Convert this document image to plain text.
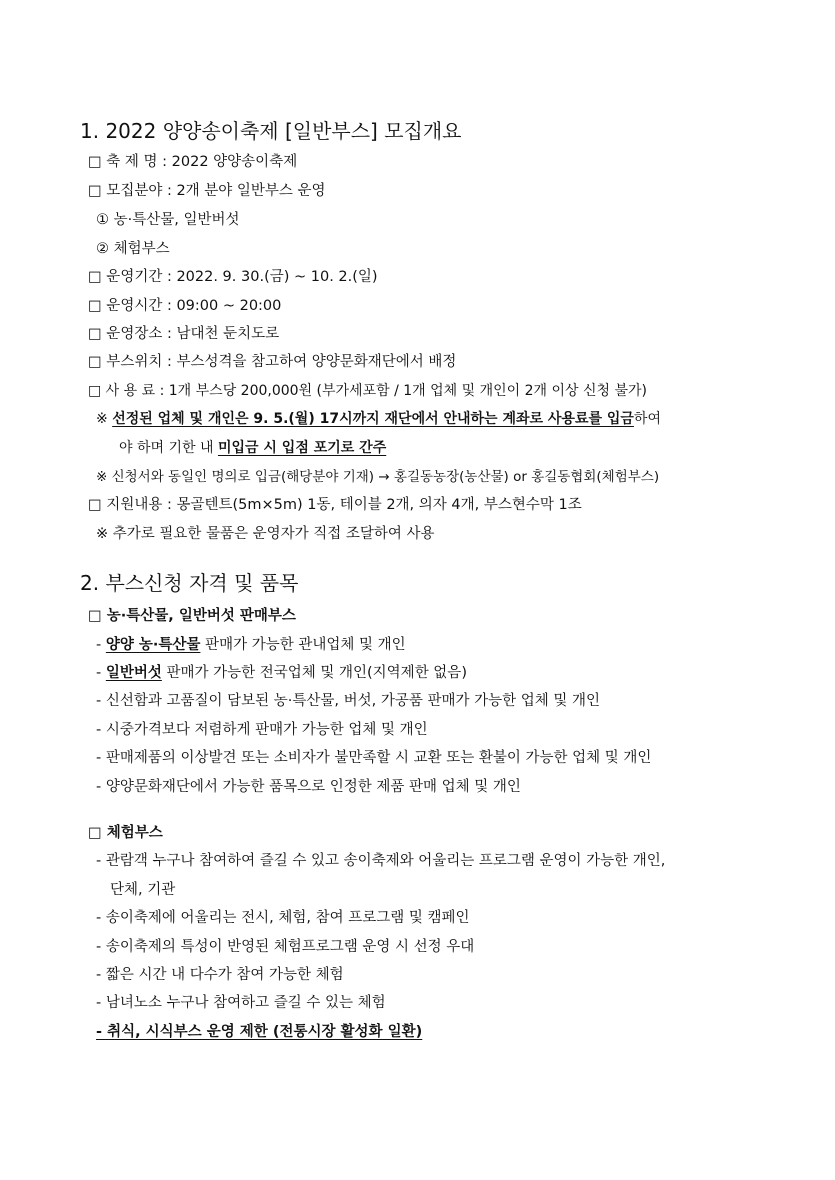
1. 2022 양양송이축제 [일반부스] 모집개요
□ 축 제 명 : 2022 양양송이축제
□ 모집분야 : 2개 분야 일반부스 운영
① 농·특산물, 일반버섯
② 체험부스
□ 운영기간 : 2022. 9. 30.(금) ~ 10. 2.(일)
□ 운영시간 : 09:00 ~ 20:00
□ 운영장소 : 남대천 둔치도로
□ 부스위치 : 부스성격을 참고하여 양양문화재단에서 배정
□ 사 용 료 : 1개 부스당 200,000원 (부가세포함 / 1개 업체 및 개인이 2개 이상 신청 불가)
※ 선정된 업체 및 개인은 9. 5.(월) 17시까지 재단에서 안내하는 계좌로 사용료를 입금하여
야 하며 기한 내 미입금 시 입점 포기로 간주
※ 신청서와 동일인 명의로 입금(해당분야 기재) → 홍길동농장(농산물) or 홍길동협회(체험부스)
□ 지원내용 : 몽골텐트(5m×5m) 1동, 테이블 2개, 의자 4개, 부스현수막 1조
※ 추가로 필요한 물품은 운영자가 직접 조달하여 사용
2. 부스신청 자격 및 품목
□ 농·특산물, 일반버섯 판매부스
- 양양 농·특산물 판매가 가능한 관내업체 및 개인
- 일반버섯 판매가 가능한 전국업체 및 개인(지역제한 없음)
- 신선함과 고품질이 담보된 농·특산물, 버섯, 가공품 판매가 가능한 업체 및 개인
- 시중가격보다 저렴하게 판매가 가능한 업체 및 개인
- 판매제품의 이상발견 또는 소비자가 불만족할 시 교환 또는 환불이 가능한 업체 및 개인
- 양양문화재단에서 가능한 품목으로 인정한 제품 판매 업체 및 개인
□ 체험부스
- 관람객 누구나 참여하여 즐길 수 있고 송이축제와 어울리는 프로그램 운영이 가능한 개인,
단체, 기관
- 송이축제에 어울리는 전시, 체험, 참여 프로그램 및 캠페인
- 송이축제의 특성이 반영된 체험프로그램 운영 시 선정 우대
- 짧은 시간 내 다수가 참여 가능한 체험
- 남녀노소 누구나 참여하고 즐길 수 있는 체험
- 취식, 시식부스 운영 제한 (전통시장 활성화 일환)
